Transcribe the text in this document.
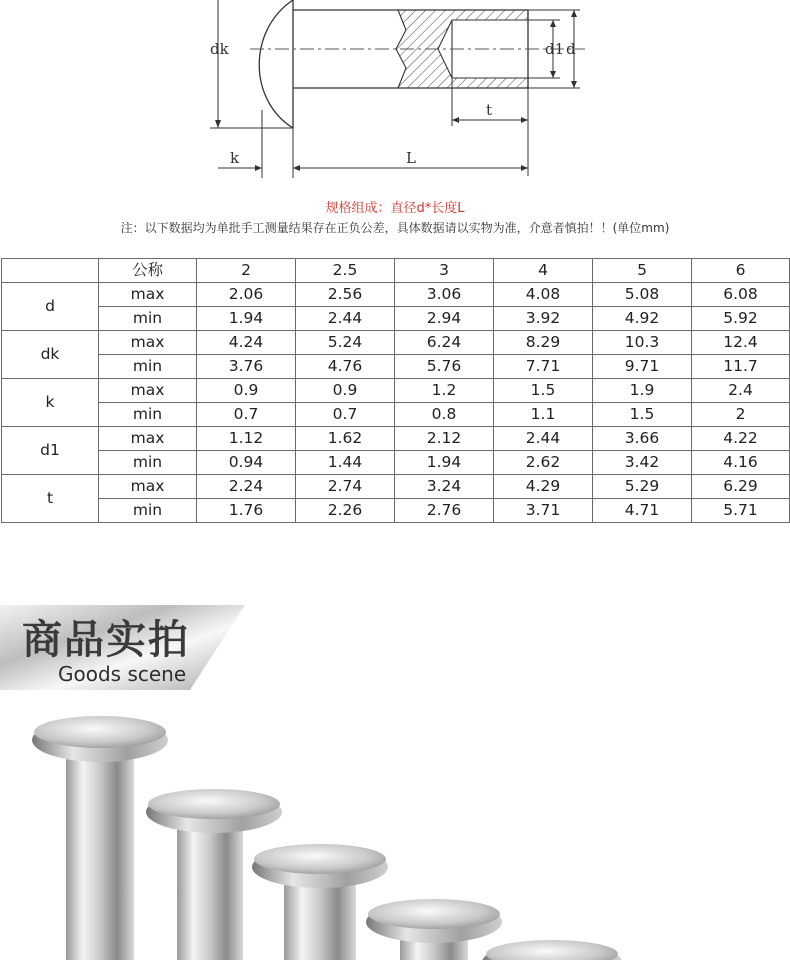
dk	d1 d
t
k	L
规格组成：直径d*长度L
注：以下数据均为单批手工测量结果存在正负公差，具体数据请以实物为准，介意者慎拍！！(单位mm)
	公称	2	2.5	3	4	5	6
d	max	2.06	2.56	3.06	4.08	5.08	6.08
	min	1.94	2.44	2.94	3.92	4.92	5.92
dk	max	4.24	5.24	6.24	8.29	10.3	12.4
	min	3.76	4.76	5.76	7.71	9.71	11.7
k	max	0.9	0.9	1.2	1.5	1.9	2.4
	min	0.7	0.7	0.8	1.1	1.5	2
d1	max	1.12	1.62	2.12	2.44	3.66	4.22
	min	0.94	1.44	1.94	2.62	3.42	4.16
t	max	2.24	2.74	3.24	4.29	5.29	6.29
	min	1.76	2.26	2.76	3.71	4.71	5.71
商品实拍
Goods scene
